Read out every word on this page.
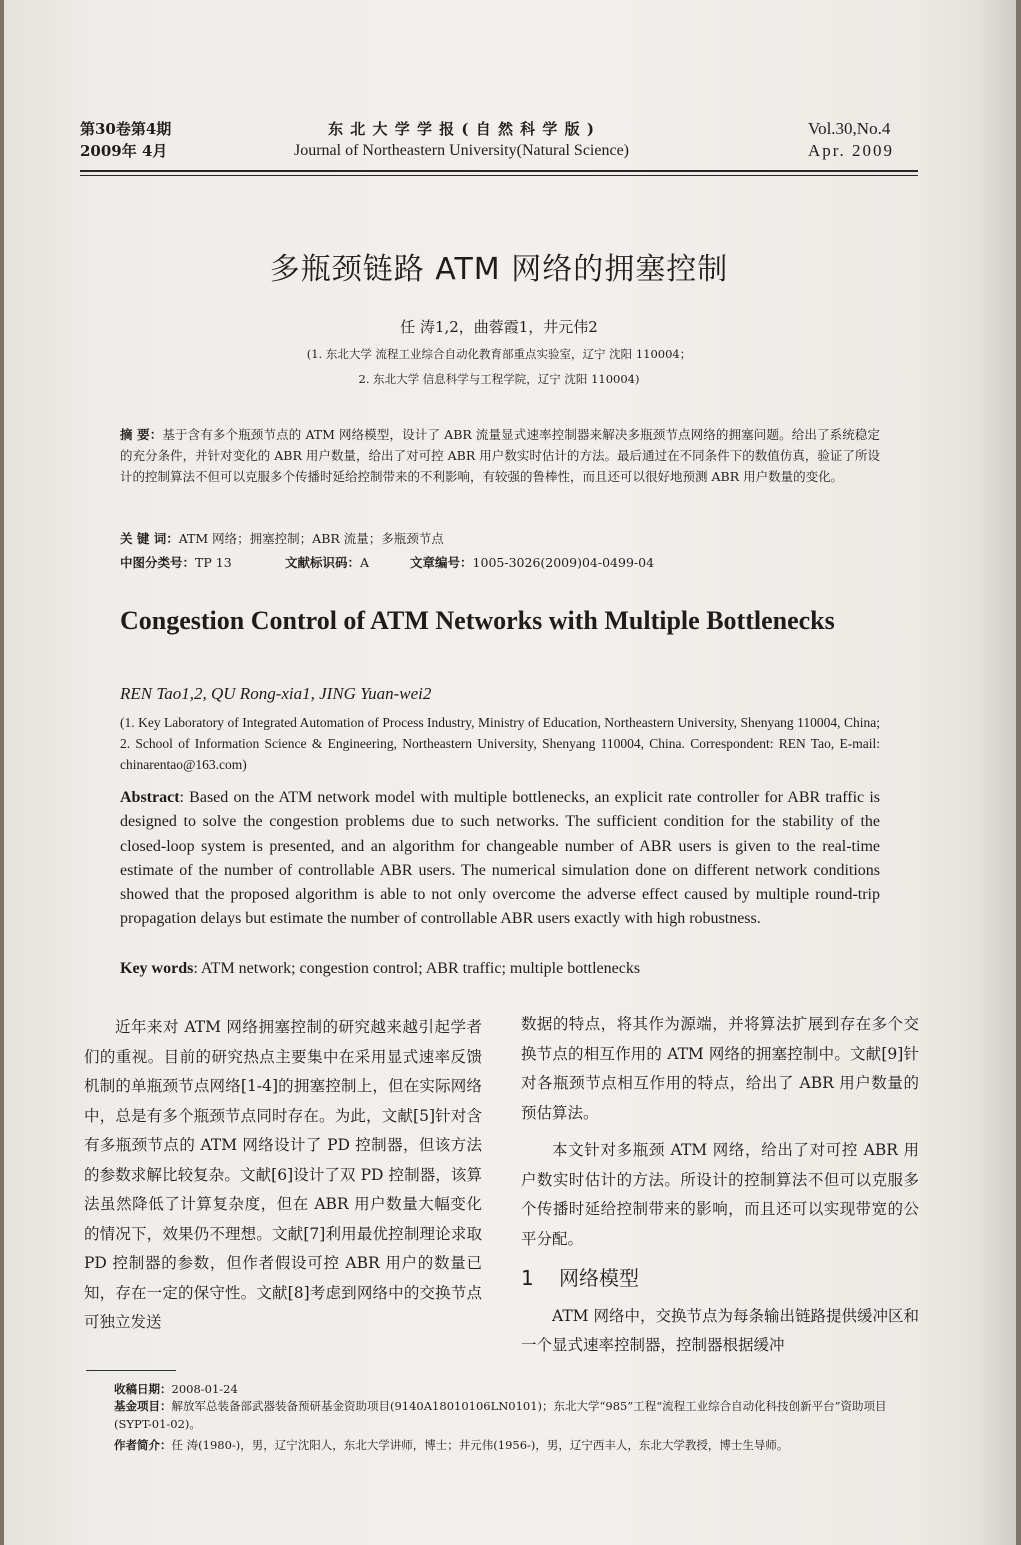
第30卷第4期
2009年 4月
东 北 大 学 学 报 ( 自 然 科 学 版 )
Journal of Northeastern University(Natural Science)
Vol.30,No.4
Apr. 2009
多瓶颈链路 ATM 网络的拥塞控制
任 涛1,2，曲蓉霞1，井元伟2
(1. 东北大学 流程工业综合自动化教育部重点实验室，辽宁 沈阳 110004；
2. 东北大学 信息科学与工程学院，辽宁 沈阳 110004)
摘 要：基于含有多个瓶颈节点的 ATM 网络模型，设计了 ABR 流量显式速率控制器来解决多瓶颈节点网络的拥塞问题。给出了系统稳定的充分条件，并针对变化的 ABR 用户数量，给出了对可控 ABR 用户数实时估计的方法。最后通过在不同条件下的数值仿真，验证了所设计的控制算法不但可以克服多个传播时延给控制带来的不利影响，有较强的鲁棒性，而且还可以很好地预测 ABR 用户数量的变化。
关 键 词：ATM 网络；拥塞控制；ABR 流量；多瓶颈节点
中图分类号：TP 13	文献标识码：A	文章编号：1005-3026(2009)04-0499-04
Congestion Control of ATM Networks with Multiple Bottlenecks
REN Tao1,2, QU Rong-xia1, JING Yuan-wei2
(1. Key Laboratory of Integrated Automation of Process Industry, Ministry of Education, Northeastern University, Shenyang 110004, China; 2. School of Information Science & Engineering, Northeastern University, Shenyang 110004, China. Correspondent: REN Tao, E-mail: chinarentao@163.com)
Abstract: Based on the ATM network model with multiple bottlenecks, an explicit rate controller for ABR traffic is designed to solve the congestion problems due to such networks. The sufficient condition for the stability of the closed-loop system is presented, and an algorithm for changeable number of ABR users is given to the real-time estimate of the number of controllable ABR users. The numerical simulation done on different network conditions showed that the proposed algorithm is able to not only overcome the adverse effect caused by multiple round-trip propagation delays but estimate the number of controllable ABR users exactly with high robustness.
Key words: ATM network; congestion control; ABR traffic; multiple bottlenecks

近年来对 ATM 网络拥塞控制的研究越来越引起学者们的重视。目前的研究热点主要集中在采用显式速率反馈机制的单瓶颈节点网络[1-4]的拥塞控制上，但在实际网络中，总是有多个瓶颈节点同时存在。为此，文献[5]针对含有多瓶颈节点的 ATM 网络设计了 PD 控制器，但该方法的参数求解比较复杂。文献[6]设计了双 PD 控制器，该算法虽然降低了计算复杂度，但在 ABR 用户数量大幅变化的情况下，效果仍不理想。文献[7]利用最优控制理论求取 PD 控制器的参数，但作者假设可控 ABR 用户的数量已知，存在一定的保守性。文献[8]考虑到网络中的交换节点可独立发送

数据的特点，将其作为源端，并将算法扩展到存在多个交换节点的相互作用的 ATM 网络的拥塞控制中。文献[9]针对各瓶颈节点相互作用的特点，给出了 ABR 用户数量的预估算法。

本文针对多瓶颈 ATM 网络，给出了对可控 ABR 用户数实时估计的方法。所设计的控制算法不但可以克服多个传播时延给控制带来的影响，而且还可以实现带宽的公平分配。

1 网络模型

ATM 网络中，交换节点为每条输出链路提供缓冲区和一个显式速率控制器，控制器根据缓冲

收稿日期：2008-01-24
基金项目：解放军总装备部武器装备预研基金资助项目(9140A18010106LN0101)；东北大学“985”工程“流程工业综合自动化科技创新平台”资助项目(SYPT-01-02)。
作者简介：任 涛(1980-)，男，辽宁沈阳人，东北大学讲师，博士；井元伟(1956-)，男，辽宁西丰人，东北大学教授，博士生导师。
